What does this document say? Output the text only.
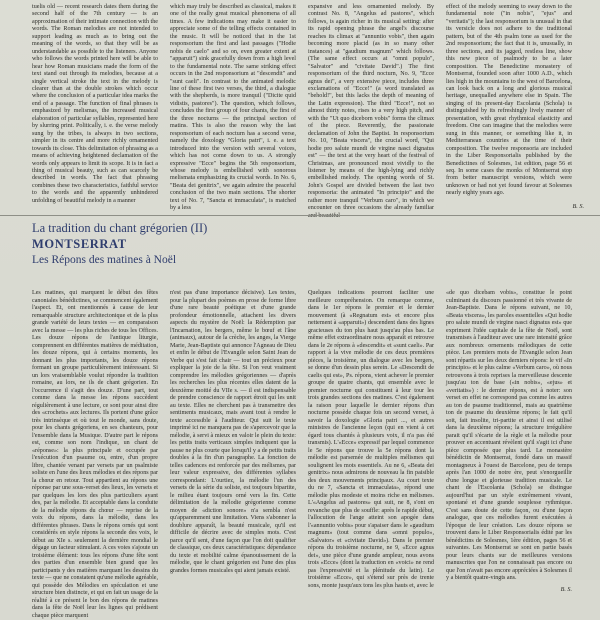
tuelis old — recent research dates them during the second half of the 7th century — is an approximation of their intimate connection with the words. The Roman melodies are not intended to support leading as much as to bring out the meaning of the words, so that they will be as understandable as possible to the listeners. Anyone who follows the words printed here will be able to hear how Roman musicians made the form of the text stand out through its melodies, because at a single vertical stroke the text in the melody is clearer than at the double strokes which occur where the conclusion of a particular idea marks the end of a passage. The function of final phrases is emphasized by melismas, the increased musical elaboration of particular syllables, represented here by slurring print. Politically, i. e. the verse melody sung by the tribes, is always in two sections, simpler in its centre and more richly ornamented towards its close. This delimitation of phrasing as a means of achieving heightened declamation of the words only appears to limit its scope. It is in fact a thing of musical beauty, such as can scarcely be described in words. The fact that phrasing combines these two characteristics, faithful service to the words and the apparently unhindered unfolding of beautiful melody in a manner

which may truly be described as classical, makes it one of the really great musical phenomena of all times. A few indications may make it easier to appreciate some of the telling effects contained in the music. It will be noticed that in the 1st responsorium the first and last passages ("Hodie nobis de caelo" and so on, even greater extent at "apparuit") sink gracefully down from a high level to the fundamental note. The same striking effect occurs in the 2nd responsorium at "descendit" and "sunt caeli". In contrast to the animated melodic line of these first two verses, the third, a dialogue with the shepherds, is more tranquil ("Dicite quid vidistis, pastores"). The question, which follows, concludes the first group of four chants, the first of the three nocturns — the principal section of matins. This is also the reason why the last responsorium of each nocturn has a second verse, namely the doxology "Gloria patri", i. e. a text introduced into the version with several voices, which has not come down to us. A strongly expressive "Ecce" begins the 5th responsorium, whose melody is embellished with sonorous melismata emphasizing its crucial words. In No. 6, "Beata dei genitrix", we again admire the peaceful conclusion of the two main sections. The shorter text of No. 7, "Sancta et immaculata", is matched by a less

expansive and less ornamented melody. By contrast No. 8, "Angelus ad pastores", which follows, is again richer in its musical setting: after its rapid opening phrase the angel's discourse reaches its climax at "annuntio vobis", then again becoming more placid (as in so many other instances) at "gaudium magnum" which follows. (The same effect occurs at "omni populo", "Salvator" and "civitate David".) The first responsorium of the third nocturn, No. 9, "Ecce agnus dei", a very extensive piece, includes three exclamations of "Ecce!" (a word translated as "behold!", but this lacks the depth of meaning of the Latin expression). The third "Ecce!", not so almost thirty notes, rises to a very high pitch, and with the "Ut quo diceborn vobis" forms the climax of the piece. Reverently, the passionate declamation of John the Baptist. In responsorium No. 10, "Beata viscera", the crucial word, "Qui hodie pro salute mundi de virgine nasci dignatus est" — the text at the very heart of the festival of Christmas, are pronounced most vividly to the listener by means of the high-lying and richly embellished melody. The opening words of St. John's Gospel are divided between the last two responsoria: the animated "In principio" and the rather more tranquil "Verbum caro", in which we encounter on three occasions the already familiar

effect of the melody seeming to sway down to the fundamental note ("in nobis", "ejus" and "veritatis"); the last responsorium is unusual in that its versicle does not adhere to the traditional pattern, but of the 4th psalm tone as used for the 2nd responsorium; the fact that it is, unusually, in three sections, and its jagged, restless line, show this new piece of psalmody to be a later composition. The Benedictine monastery of Montserrat, founded soon after 1000 A.D., which lies high in the mountains to the west of Barcelona, can look back on a long and glorious musical heritage, unequalled anywhere else in Spain. The singing of its present-day Escolania (Schola) is distinguished by its refreshingly lively manner of presentation, with great rhythmical elasticity and freedom. One can imagine that the melodies were sung in this manner, or something like it, in Mediterranean countries at the time of their composition. The twelve responsoria are included in the Liber Responsorialis published by the Benedictines of Solesmes, 1st edition, page 56 et seq. In some cases the monks of Montserrat stop from better manuscript versions, which were unknown or had not yet found favour at Solesmes nearly eighty years ago.

B. S.
La tradition du chant grégorien (II)
MONTSERRAT
Les Répons des matines à Noël

Les matines, qui marquent le début des fêtes canoniales bénédictines, se commencent également l'aspect. Et, ont mentionnés à cause de leur remarquable structure architectonique et de la plus grande variété de leurs textes — en comparaison avec la messe — les plus riches de tous les Offices. Les douze répons de l'antique liturgie, comprennent en différentes matières de méditation, les douze répons, qui à certains moments, les donnant les plus importants, les douze répons formant un groupe particulièrement intéressant. Si un lors vraisemblable voulut répondre la tradition romaine, au lors, ne ils de chant grégorien. En l'occurrence il s'agit des douze. D'une part, tout comme dans la messe les répons succèdent régulièrement à une lecture, ce sont pour ainsi dire des «crochets» aux lectures. Ils portent d'une grâce très intrinsèque et où tout le monde, sans doute, pour les chants grégoriens, en ses chanteurs, pour l'ensemble dans la Musique. D'autre part le répons est, comme son nom l'indique, un chant de «réponse»: la plus principale et occupée par l'exécution d'un psaume ou, entre, d'un propre libre, chantée venant par versets par un psalmiste soliste en l'une des lieux mélodies et des répons par la chœur en retour. Tout appartient au répons une réponse par une sous-verset des lieux, les versets et par quelques les lors des plus particuliers ayant des, par la mélodie. Et acceptable dans la conduite de la mélodie répons du chœur — reprise de la voix du répons, dans la mélodie, dans les différentes phrases. Dans le répons ornés qui sont considérés en style répons la seconde des voix, le début au XIe s. seulement la dernière mondial le dégage un facteur stimulant. A ces voies s'ajoute un troisième élément: tous les répons d'une fête sont des parties d'un ensemble bien grand que les participants y des matières marquant les dessins du texte — que ne constatent qu'une mélodie agréable, qui possède des Mélodies en spéculation et une structure bien distincte, et qui en fait un usage de la réalité à ce présent le bon des répons de matines dans la fête de Noël leur les lignes qui prédisent chaque pièce marquent

n'est pas d'une importance décisive). Les textes, pour la plupart des poèmes en prose de forme libre d'une rare beauté poétique et d'une grande profondeur émotionnelle, attachent les divers aspects du mystère de Noël: la Rédemption par l'Incarnation, les bergers, même le bœuf et l'âne (animaux), autour de la crèche, les anges, la Vierge Marie, Jean-Baptiste qui annonce l'Agneau de Dieu et enfin le début de l'Evangile selon Saint Jean de Verbe qui s'est fait chair — tout un précieux pour expliquer la joie de la fête. Si l'on veut vraiment comprendre les mélodies grégoriennes — d'après les recherches les plus récentes elles datent de la deuxième moitié du VIIe s. — il est indispensable de prendre conscience de rapport étroit qui les unit au texte. Elles ne cherchent pas à transmettre des sentiments musicaux, mais avant tout à rendre le texte accessible à l'auditeur. Qui suit le texte imprimé ici ne manquera pas de s'apercevoir que la mélodie, à servi à mieux en valoir le plein du texte: les petits traits verticaux simples indiquent que la pause ne plus courte que lorsqu'il y a de petits traits doubles à la fin d'un paragraphe. La fonction de telles cadences est renforcée par des mélismes, par leur valeur expressive, des différentes syllabes correspondant: L'ourtiez, la mélodie l'un des versets de la série du soliste, est toujours bipartite, le milieu étant toujours orné vers la fin. Cette délimitation de la mélodie grégorienne comme moyen de «diction sonore» n'a sembla n'est qu'apparemment une limitation. Viens s'abonner la doublure apparaît, la beauté musicale, qu'il est difficile de décrire avec de simples mots. C'est parce qu'il sent, d'une façon que l'on doit qualifier de classique, ces deux caractéristiques: dépendance du texte et mobilité calme épanouissement de la mélodie, que le chant grégorien est l'une des plus grandes formes musicales qui aient jamais existé.

Quelques indications pourront faciliter une meilleure compréhension. On remarque comme, dans le 1er répons le premier et le dernier mouvement (à «Regnatum est» et encore plus nettement à «apparuit») descendent dans des lignes gracieuses du ton plus haut jusqu'au plus bas. Le même effet extraordinaire nous apparaît et retrouve dans le 2e répons à «descendit» et «sunt caeli». Par rapport à la vive mélodie de ces deux premières pièces, la troisième, un dialogue avec les bergers, se donne d'un dessin plus serein. Le «Descendit de caelis qui est», Ps. répons, vient achever le premier groupe de quatre chants, qui ensemble avec le premier nocturne qui constituent à leur tour les trois grandes sections des matines. C'est également la raison pour laquelle le dernier répons d'un nocturne possède chaque fois un second verset, à savoir la doxologie «Gloria patri ..., et autres ministres de l'ancienne leçon (qui en vient à cet égard tous chantés à plusieurs voix, il n'a pas été transmis). L'«Ecce» expressif par lequel commence le 5e répons que trouve la 5e répons dont la mélodie est parsemée de multiples mélismes qui soulignent les mots essentiels. Au ne 6, «Beata dei genitrix» nous admirons de nouveau la fin paisible des deux mouvements principaux. Au court texte du ne 7, «Sancta et immaculata», répond une mélodie plus modeste et moins riche en mélismes. L'«Angelus ad pastores» qui suit, ne 8, s'ont en revanche que plus de souffle: après le rapide début, l'allocution de l'ange atteint son apogée dans l'«annuntio vobis» pour s'apaiser dans le «gaudium magnum» (tout comme dans «omni populo», «Salvator» et «civitate David»). Dans le premier répons du troisième nocturne, ne 9, «Ecce agnus dei», une pièce d'une grande ampleur, nous avons trois «Ecce» (dont la traduction en «voici» ne rend pas l'expressivité et la plénitude du latin). Le troisième «Ecce», qui s'étend sur près de trente sons, monte jusqu'aux tons les plus hauts et, avec le

«de quo dicebam vobis», constitue le point culminant du discours passionné et très vivante de Jean-Baptiste. Dans le répons suivant, ne 10, «Beata viscera», les paroles essentielles «Qui hodie pro salute mundi de virgine nasci dignatus est» que expriment l'idée capitale de la fête de Noël, sont transmises à l'auditeur avec une rare intensité grâce aux nombreux ornements mélodiques de cette pièce. Les premiers mots de l'Evangile selon Jean sont répartis sur les deux derniers répons: le vif «In principio» et le plus calme «Verbum caro», où nous retrouvons à trois reprises la merveilleuse descente jusqu'au ton de base («in nobis», «ejus» et «veritatis») : le dernier répons, est à noter: son verset en effet ne correspond pas comme les autres au ton de psaume traditionnel, mais au quatrième ton de psaume du deuxième répons; le fait qu'il soit, fait insolite, tri-partite et ainsi il est utilisé dans la deuxième répons; la structure irrégulière parait qu'il s'écarte de la règle et la mélodie pour prouver en accentuant révèlent qu'il s'agit ici d'une pièce composée que plus tard. Le monastère bénédictin de Montserrat, fondé dans un massif montagneux à l'ouest de Barcelone, peu de temps après l'an 1000 de notre ère, peut s'enorgueillir d'une longue et glorieuse tradition musicale. Le chant de l'Escolania (Schola) se distingue aujourd'hui par un style extrêmement vivant, spontané et d'une grande souplesse rythmique. C'est sans doute de cette façon, ou d'une façon analogue, que ces mélodies furent exécutées à l'époque de leur création. Les douze répons se trouvent dans le Liber Responsorialis édité par les bénédictins de Solesmes, 1ère édition, pages 56 et suivantes. Les Montserrat se sont en partie basés pour leurs chants sur de meilleures versions manuscrites que l'on ne connaissait pas encore ou que l'on n'avait pas encore appréciées à Solesmes il y a bientôt quatre-vingts ans.

B. S.
